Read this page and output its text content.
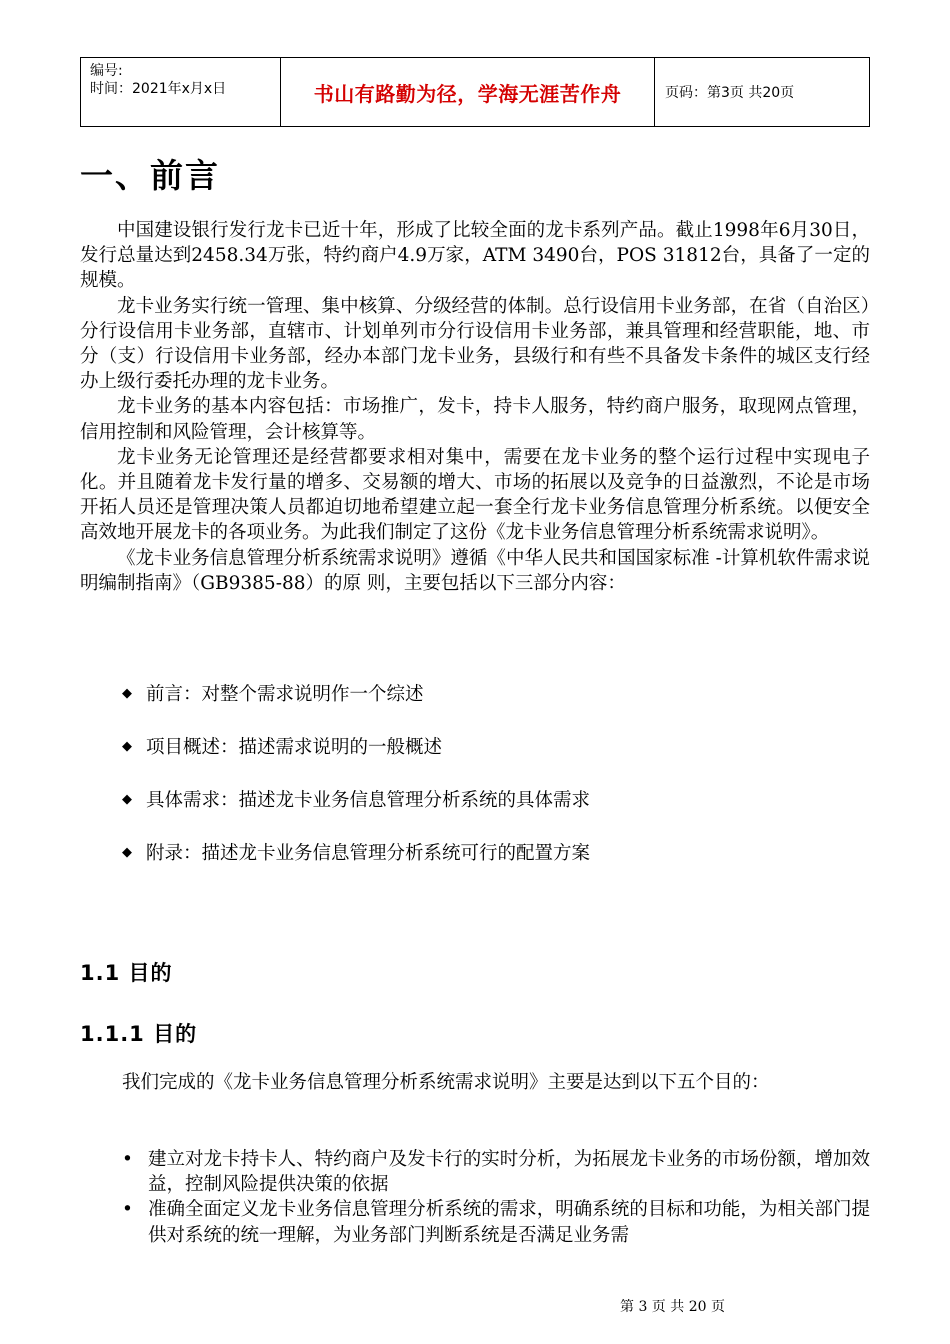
编号:
时间：2021年x月x日	书山有路勤为径，学海无涯苦作舟	页码：第3页 共20页
一、前言

中国建设银行发行龙卡已近十年，形成了比较全面的龙卡系列产品。截止1998年6月30日，发行总量达到2458.34万张，特约商户4.9万家，ATM 3490台，POS 31812台，具备了一定的规模。

龙卡业务实行统一管理、集中核算、分级经营的体制。总行设信用卡业务部，在省（自治区）分行设信用卡业务部，直辖市、计划单列市分行设信用卡业务部，兼具管理和经营职能，地、市分（支）行设信用卡业务部，经办本部门龙卡业务，县级行和有些不具备发卡条件的城区支行经办上级行委托办理的龙卡业务。

龙卡业务的基本内容包括：市场推广，发卡，持卡人服务，特约商户服务，取现网点管理，信用控制和风险管理，会计核算等。

龙卡业务无论管理还是经营都要求相对集中，需要在龙卡业务的整个运行过程中实现电子化。并且随着龙卡发行量的增多、交易额的增大、市场的拓展以及竞争的日益激烈，不论是市场开拓人员还是管理决策人员都迫切地希望建立起一套全行龙卡业务信息管理分析系统。以便安全高效地开展龙卡的各项业务。为此我们制定了这份《龙卡业务信息管理分析系统需求说明》。

《龙卡业务信息管理分析系统需求说明》遵循《中华人民共和国国家标准 -计算机软件需求说明编制指南》（GB9385-88）的原 则，主要包括以下三部分内容：

◆ 前言：对整个需求说明作一个综述
◆ 项目概述：描述需求说明的一般概述
◆ 具体需求：描述龙卡业务信息管理分析系统的具体需求
◆ 附录：描述龙卡业务信息管理分析系统可行的配置方案
1.1 目的
1.1.1 目的

我们完成的《龙卡业务信息管理分析系统需求说明》主要是达到以下五个目的：

• 建立对龙卡持卡人、特约商户及发卡行的实时分析，为拓展龙卡业务的市场份额，增加效益，控制风险提供决策的依据
• 准确全面定义龙卡业务信息管理分析系统的需求，明确系统的目标和功能，为相关部门提供对系统的统一理解，为业务部门判断系统是否满足业务需
第 3 页 共 20 页
